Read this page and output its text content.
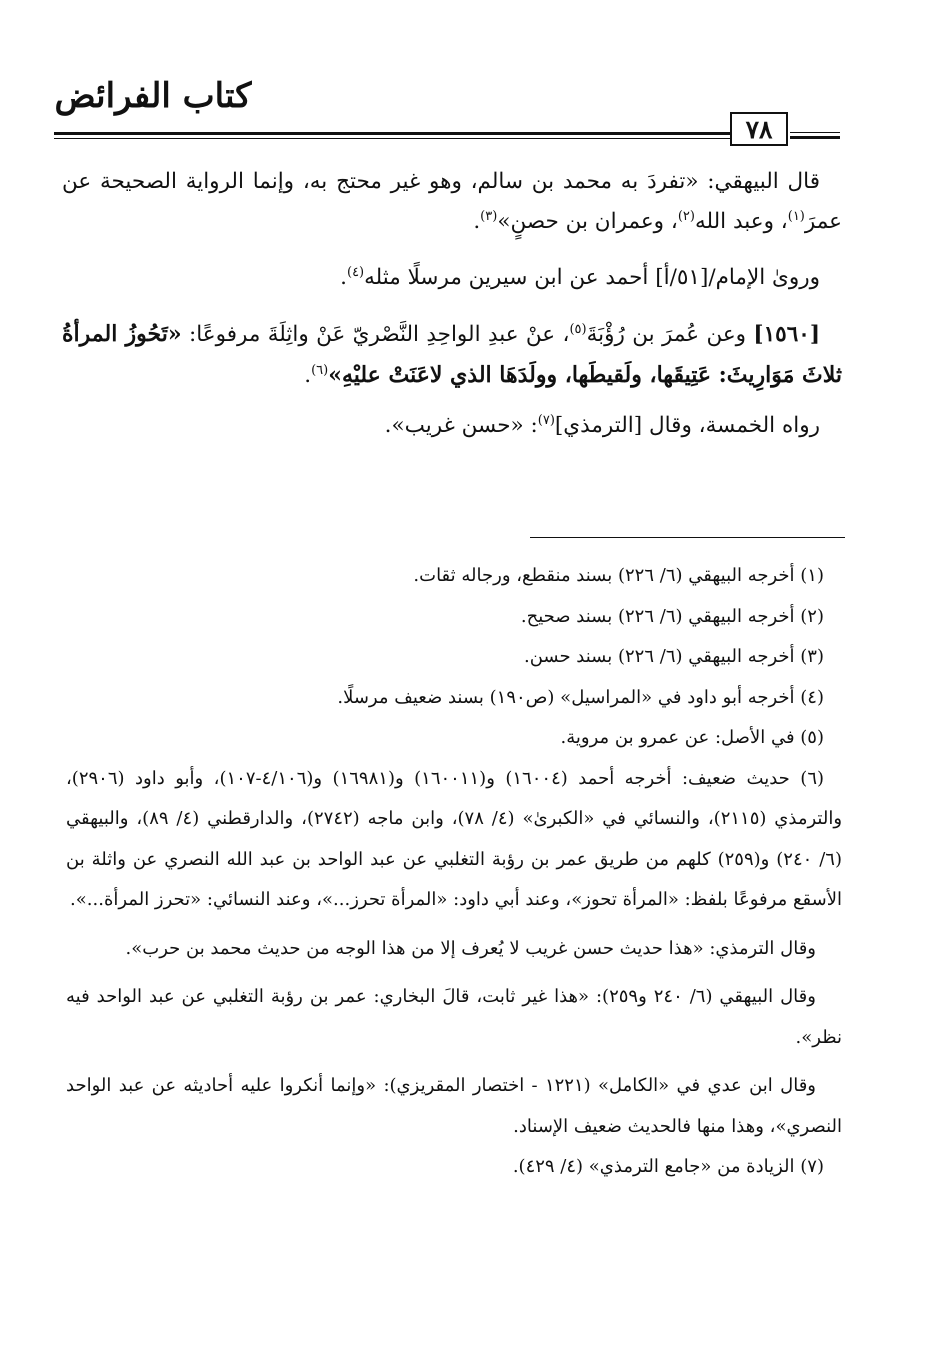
كتاب الفرائض
٧٨

قال البيهقي: «تفردَ به محمد بن سالم، وهو غير محتج به، وإنما الرواية الصحيحة عن عمرَ$^{(١)}$، وعبد الله$^{(٢)}$، وعمران بن حصنٍ»$^{(٣)}$.

وروىٰ الإمام/[٥١/أ] أحمد عن ابن سيرين مرسلًا مثله$^{(٤)}$.

[١٥٦٠] وعن عُمرَ بن رُؤْبَةَ$^{(٥)}$، عنْ عبدِ الواحِدِ النَّصْريّ عَنْ واثِلَةَ مرفوعًا: «تَحُوزُ المرأةُ ثلاثَ مَوَارِيثَ: عَتِيقَها، ولَقيطَها، وولَدَهَا الذي لاعَنَتْ عليْهِ»$^{(٦)}$.

رواه الخمسة، وقال [الترمذي]$^{(٧)}$: «حسن غريب».

(١) أخرجه البيهقي (٦/ ٢٢٦) بسند منقطع، ورجاله ثقات.

(٢) أخرجه البيهقي (٦/ ٢٢٦) بسند صحيح.

(٣) أخرجه البيهقي (٦/ ٢٢٦) بسند حسن.

(٤) أخرجه أبو داود في «المراسيل» (ص١٩٠) بسند ضعيف مرسلًا.

(٥) في الأصل: عن عمرو بن مروية.

(٦) حديث ضعيف: أخرجه أحمد (١٦٠٠٤) و(١٦٠٠١١) و(١٦٩٨١) و(٤/١٠٦-١٠٧)، وأبو داود (٢٩٠٦)، والترمذي (٢١١٥)، والنسائي في «الكبرىٰ» (٤/ ٧٨)، وابن ماجه (٢٧٤٢)، والدارقطني (٤/ ٨٩)، والبيهقي (٦/ ٢٤٠) و(٢٥٩) كلهم من طريق عمر بن رؤبة التغلبي عن عبد الواحد بن عبد الله النصري عن واثلة بن الأسقع مرفوعًا بلفظ: «المرأة تحوز»، وعند أبي داود: «المرأة تحرز...»، وعند النسائي: «تحرز المرأة...».

وقال الترمذي: «هذا حديث حسن غريب لا يُعرف إلا من هذا الوجه من حديث محمد بن حرب».

وقال البيهقي (٦/ ٢٤٠ و٢٥٩): «هذا غير ثابت، قالَ البخاري: عمر بن رؤبة التغلبي عن عبد الواحد فيه نظر».

وقال ابن عدي في «الكامل» (١٢٢١ - اختصار المقريزي): «وإنما أنكروا عليه أحاديثه عن عبد الواحد النصري»، وهذا منها فالحديث ضعيف الإسناد.

(٧) الزيادة من «جامع الترمذي» (٤/ ٤٢٩).
